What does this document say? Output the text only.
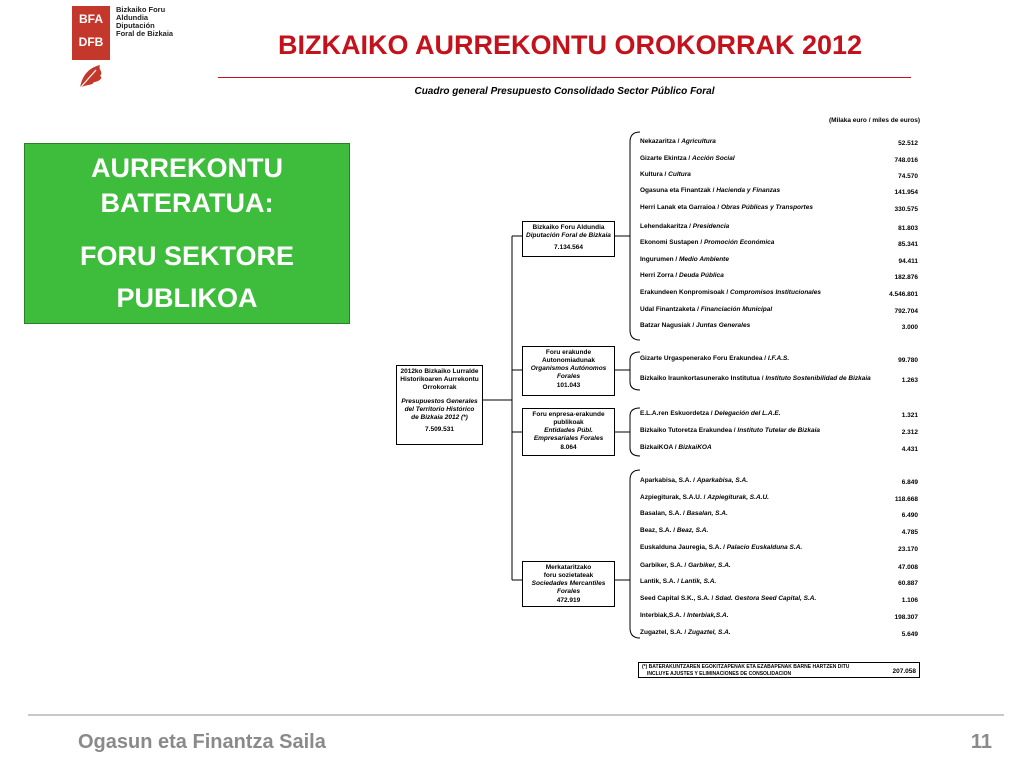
BFA
DFB
Bizkaiko Foru
Aldundia
Diputación
Foral de Bizkaia	BIZKAIKO AURREKONTU OROKORRAK 2012
Cuadro general Presupuesto Consolidado Sector Público Foral
(Milaka euro / miles de euros)
AURREKONTU
BATERATUA:
FORU SEKTORE
PUBLIKOA
2012ko Bizkaiko Lurralde
Historikoaren Aurrekontu
Orrokorrak
Presupuestos Generales
del Territorio Histórico
de Bizkaia 2012 (*)
7.509.531
Bizkaiko Foru Aldundia
Diputación Foral de Bizkaia
7.134.564
Foru erakunde
Autonomiadunak
Organismos Autónomos
Forales
101.043
Foru enpresa-erakunde
publikoak
Entidades Públ.
Empresariales Forales
8.064
Merkataritzako
foru sozietateak
Sociedades Mercantiles
Forales
472.919
Nekazaritza / Agricultura	52.512
Gizarte Ekintza / Acción Social	748.016
Kultura / Cultura	74.570
Ogasuna eta Finantzak / Hacienda y Finanzas	141.954
Herri Lanak eta Garraioa / Obras Públicas y Transportes	330.575
Lehendakaritza / Presidencia	81.803
Ekonomi Sustapen / Promoción Económica	85.341
Ingurumen / Medio Ambiente	94.411
Herri Zorra / Deuda Pública	182.876
Erakundeen Konpromisoak / Compromisos Institucionales	4.546.801
Udal Finantzaketa / Financiación Municipal	792.704
Batzar Nagusiak / Juntas Generales	3.000
Gizarte Urgaspenerako Foru Erakundea / I.F.A.S.	99.780
Bizkaiko Iraunkortasunerako Institutua / Instituto Sostenibilidad de Bizkaia	1.263
E.L.A.ren Eskuordetza / Delegación del L.A.E.	1.321
Bizkaiko Tutoretza Erakundea / Instituto Tutelar de Bizkaia	2.312
BizkaiKOA / BizkaiKOA	4.431
Aparkabisa, S.A. / Aparkabisa, S.A.	6.849
Azpiegiturak, S.A.U. / Azpiegiturak, S.A.U.	118.668
Basalan, S.A. / Basalan, S.A.	6.490
Beaz, S.A. / Beaz, S.A.	4.785
Euskalduna Jauregia, S.A. / Palacio Euskalduna S.A.	23.170
Garbiker, S.A. / Garbiker, S.A.	47.008
Lantik, S.A. / Lantik, S.A.	60.887
Seed Capital S.K., S.A. / Sdad. Gestora Seed Capital, S.A.	1.106
Interbiak,S.A. / Interbiak,S.A.	198.307
Zugaztel, S.A. / Zugaztel, S.A.	5.649
(*) BATERAKUNTZAREN EGOKITZAPENAK ETA EZABAPENAK BARNE HARTZEN DITU
INCLUYE AJUSTES Y ELIMINACIONES DE CONSOLIDACION	207.058
Ogasun eta Finantza Saila	11
